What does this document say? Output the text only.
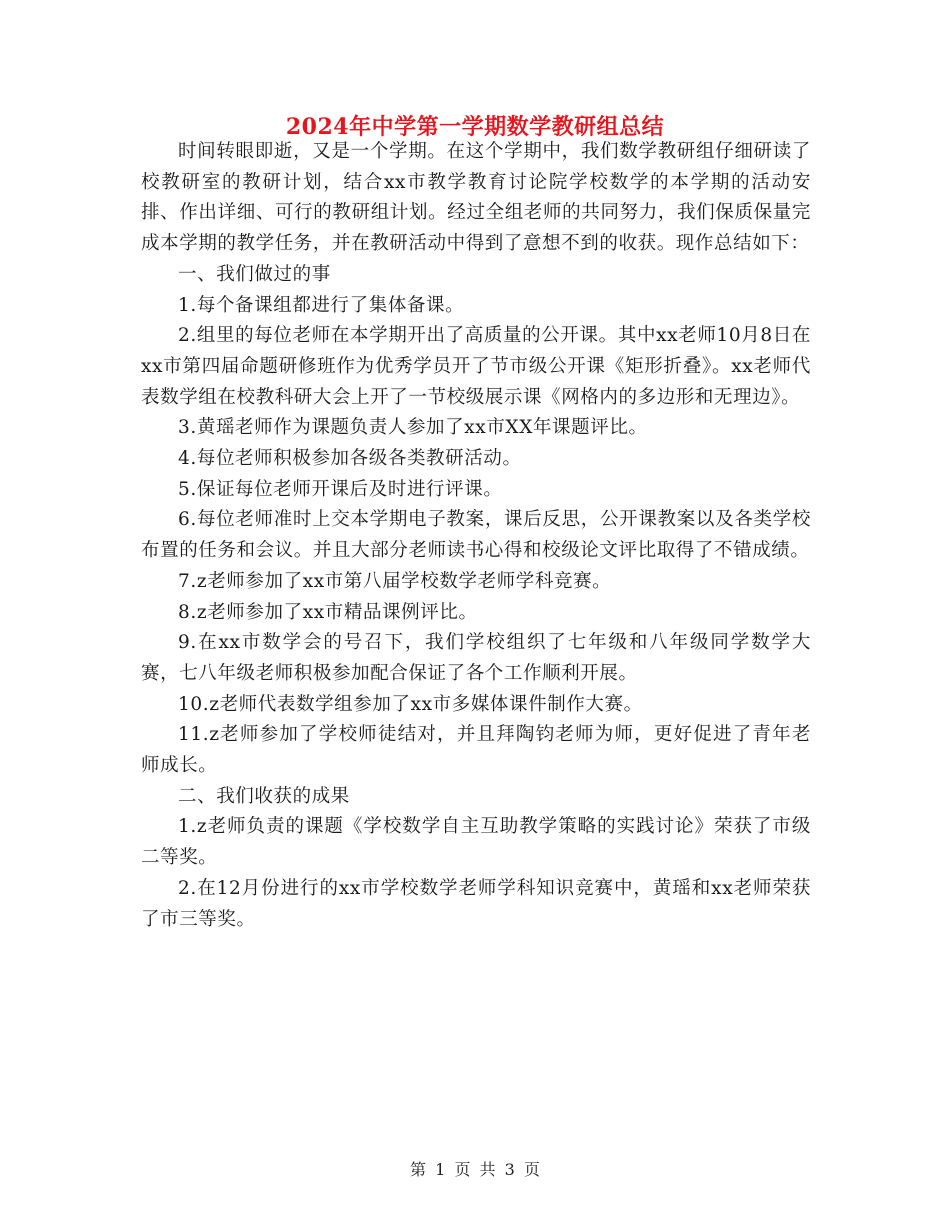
2024年中学第一学期数学教研组总结

时间转眼即逝，又是一个学期。在这个学期中，我们数学教研组仔细研读了校教研室的教研计划，结合xx市教学教育讨论院学校数学的本学期的活动安排、作出详细、可行的教研组计划。经过全组老师的共同努力，我们保质保量完成本学期的教学任务，并在教研活动中得到了意想不到的收获。现作总结如下：

一、我们做过的事

1.每个备课组都进行了集体备课。

2.组里的每位老师在本学期开出了高质量的公开课。其中xx老师10月8日在xx市第四届命题研修班作为优秀学员开了节市级公开课《矩形折叠》。xx老师代表数学组在校教科研大会上开了一节校级展示课《网格内的多边形和无理边》。

3.黄瑶老师作为课题负责人参加了xx市XX年课题评比。

4.每位老师积极参加各级各类教研活动。

5.保证每位老师开课后及时进行评课。

6.每位老师准时上交本学期电子教案，课后反思，公开课教案以及各类学校布置的任务和会议。并且大部分老师读书心得和校级论文评比取得了不错成绩。

7.z老师参加了xx市第八届学校数学老师学科竞赛。

8.z老师参加了xx市精品课例评比。

9.在xx市数学会的号召下，我们学校组织了七年级和八年级同学数学大赛，七八年级老师积极参加配合保证了各个工作顺利开展。

10.z老师代表数学组参加了xx市多媒体课件制作大赛。

11.z老师参加了学校师徒结对，并且拜陶钧老师为师，更好促进了青年老师成长。

二、我们收获的成果

1.z老师负责的课题《学校数学自主互助教学策略的实践讨论》荣获了市级二等奖。

2.在12月份进行的xx市学校数学老师学科知识竞赛中，黄瑶和xx老师荣获了市三等奖。

第 1 页 共 3 页
